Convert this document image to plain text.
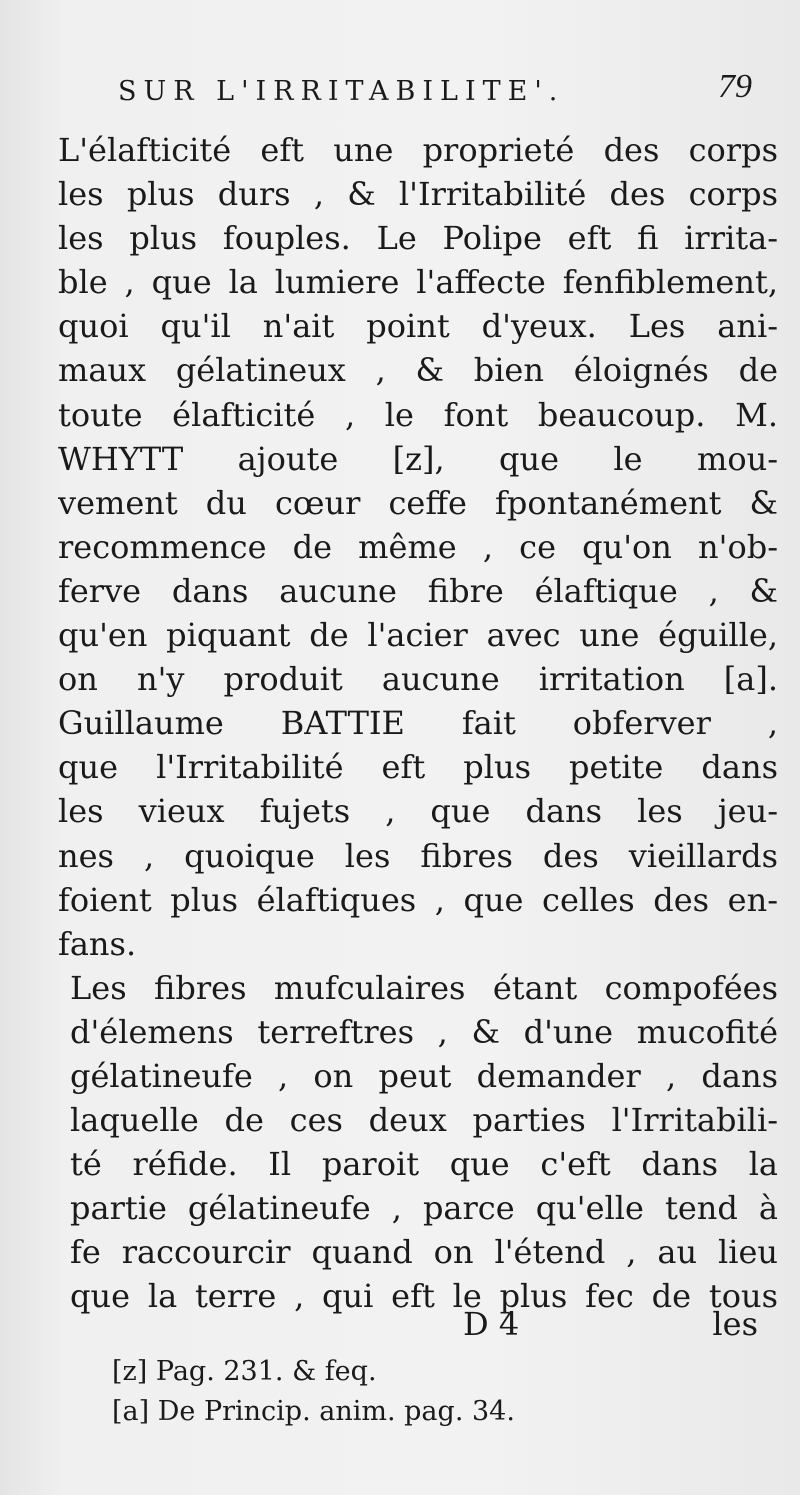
SUR L'IRRITABILITE'.	79
L'élafticité eft une proprieté des corps
les plus durs , & l'Irritabilité des corps
les plus fouples. Le Polipe eft fi irrita-
ble , que la lumiere l'affecte fenfiblement,
quoi qu'il n'ait point d'yeux. Les ani-
maux gélatineux , & bien éloignés de
toute élafticité , le font beaucoup. M.
WHYTT ajoute [z], que le mou-
vement du cœur ceffe fpontanément &
recommence de même , ce qu'on n'ob-
ferve dans aucune fibre élaftique , &
qu'en piquant de l'acier avec une éguille,
on n'y produit aucune irritation [a].
Guillaume BATTIE fait obferver ,
que l'Irritabilité eft plus petite dans
les vieux fujets , que dans les jeu-
nes , quoique les fibres des vieillards
foient plus élaftiques , que celles des en-
fans.
Les fibres mufculaires étant compofées
d'élemens terreftres , & d'une mucofité
gélatineufe , on peut demander , dans
laquelle de ces deux parties l'Irritabili-
té réfide. Il paroit que c'eft dans la
partie gélatineufe , parce qu'elle tend à
fe raccourcir quand on l'étend , au lieu
que la terre , qui eft le plus fec de tous
D 4	les
[z] Pag. 231. & feq.
[a] De Princip. anim. pag. 34.
